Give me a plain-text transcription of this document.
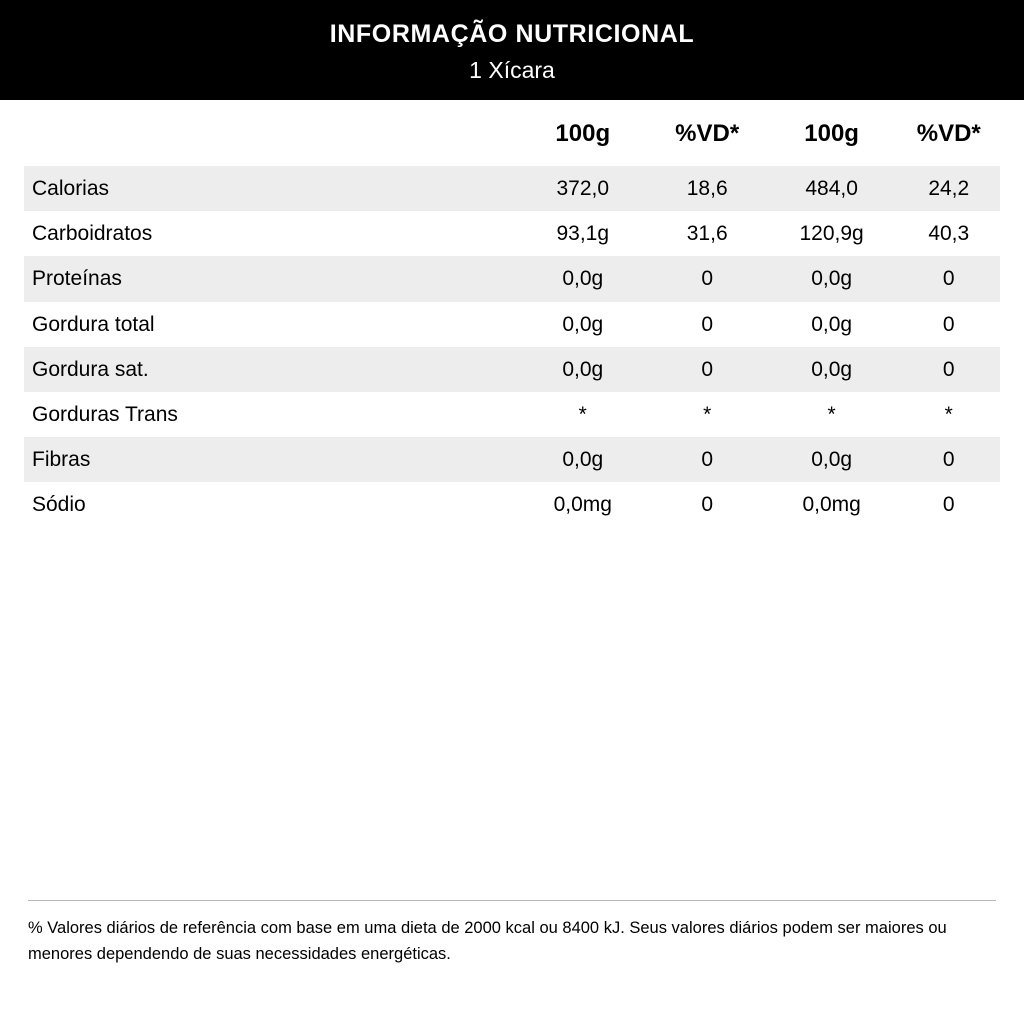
INFORMAÇÃO NUTRICIONAL
1 Xícara
	100g	%VD*	100g	%VD*
Calorias	372,0	18,6	484,0	24,2
Carboidratos	93,1g	31,6	120,9g	40,3
Proteínas	0,0g	0	0,0g	0
Gordura total	0,0g	0	0,0g	0
Gordura sat.	0,0g	0	0,0g	0
Gorduras Trans	*	*	*	*
Fibras	0,0g	0	0,0g	0
Sódio	0,0mg	0	0,0mg	0
% Valores diários de referência com base em uma dieta de 2000 kcal ou 8400 kJ. Seus valores diários podem ser maiores ou menores dependendo de suas necessidades energéticas.
